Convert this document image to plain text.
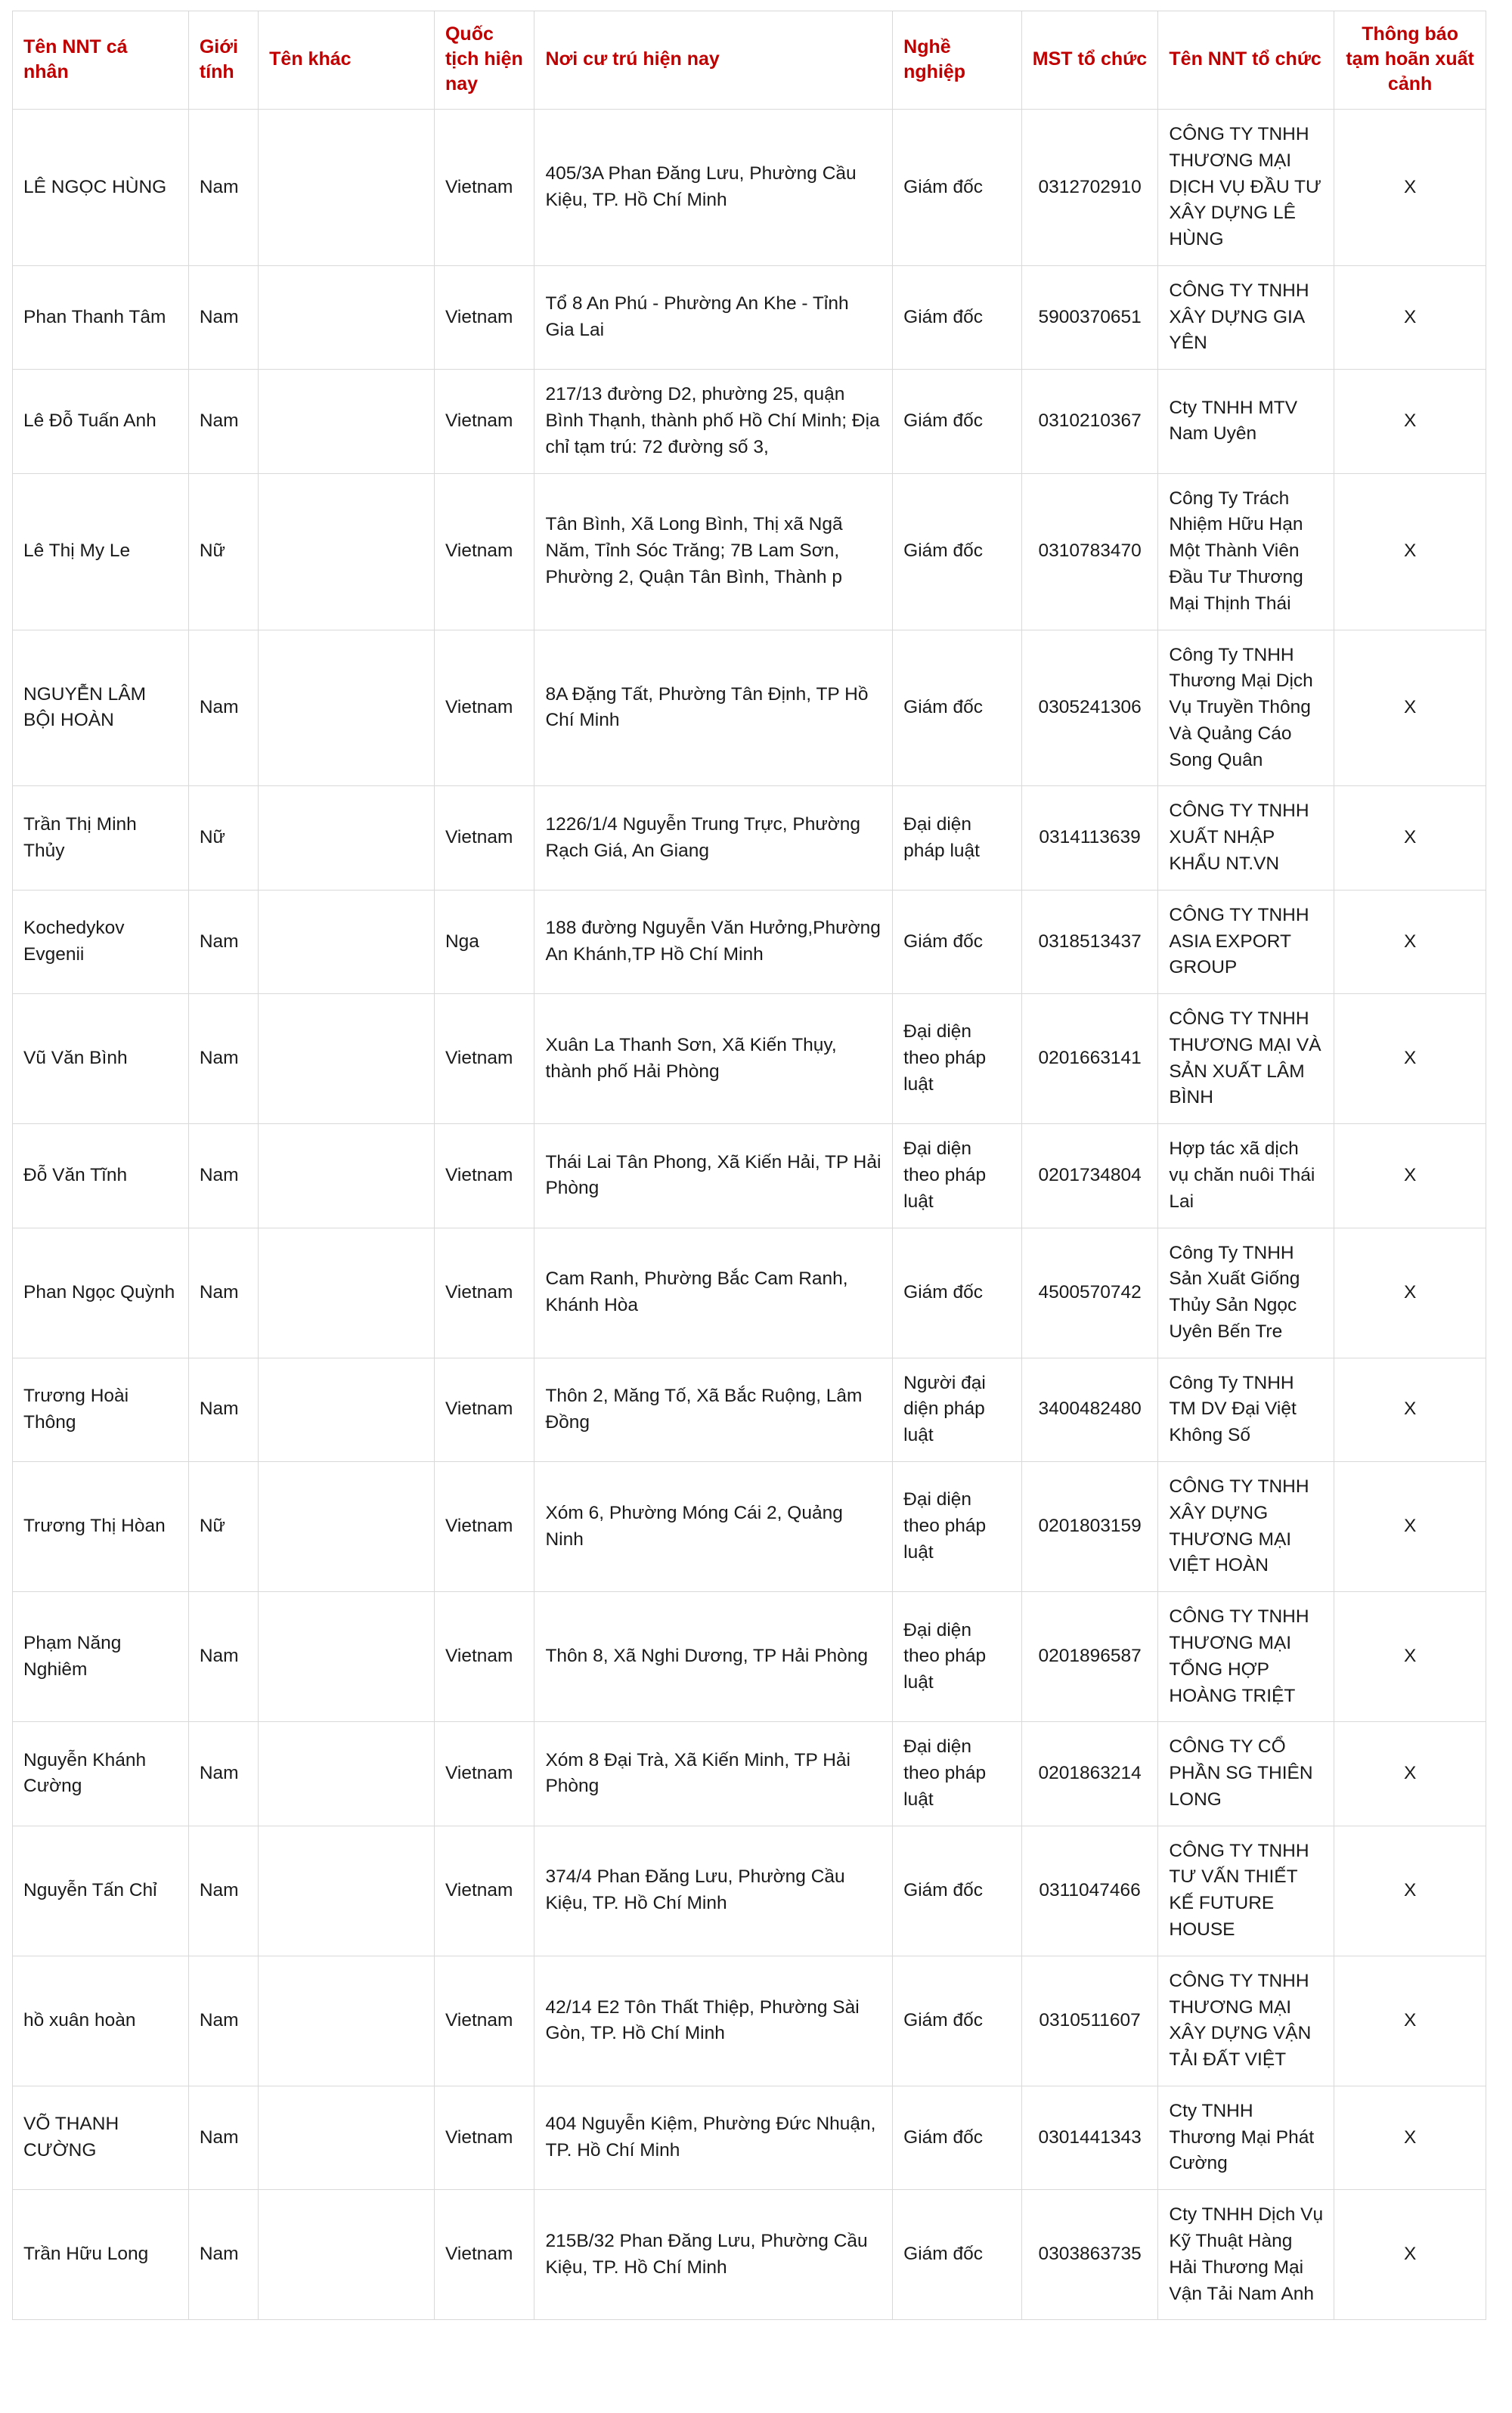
Tên NNT cá nhân	Giới tính	Tên khác	Quốc tịch hiện nay	Nơi cư trú hiện nay	Nghề nghiệp	MST tổ chức	Tên NNT tổ chức	Thông báo tạm hoãn xuất cảnh
LÊ NGỌC HÙNG	Nam		Vietnam	405/3A Phan Đăng Lưu, Phường Cầu Kiệu, TP. Hồ Chí Minh	Giám đốc	0312702910	CÔNG TY TNHH THƯƠNG MẠI DỊCH VỤ ĐẦU TƯ XÂY DỰNG LÊ HÙNG	X
Phan Thanh Tâm	Nam		Vietnam	Tổ 8 An Phú - Phường An Khe - Tỉnh Gia Lai	Giám đốc	5900370651	CÔNG TY TNHH XÂY DỰNG GIA YÊN	X
Lê Đỗ Tuấn Anh	Nam		Vietnam	217/13 đường D2, phường 25, quận Bình Thạnh, thành phố Hồ Chí Minh; Địa chỉ tạm trú: 72 đường số 3,	Giám đốc	0310210367	Cty TNHH MTV Nam Uyên	X
Lê Thị My Le	Nữ		Vietnam	Tân Bình, Xã Long Bình, Thị xã Ngã Năm, Tỉnh Sóc Trăng; 7B Lam Sơn, Phường 2, Quận Tân Bình, Thành p	Giám đốc	0310783470	Công Ty Trách Nhiệm Hữu Hạn Một Thành Viên Đầu Tư Thương Mại Thịnh Thái	X
NGUYỄN LÂM BỘI HOÀN	Nam		Vietnam	8A Đặng Tất, Phường Tân Định, TP Hồ Chí Minh	Giám đốc	0305241306	Công Ty TNHH Thương Mại Dịch Vụ Truyền Thông Và Quảng Cáo Song Quân	X
Trần Thị Minh Thủy	Nữ		Vietnam	1226/1/4 Nguyễn Trung Trực, Phường Rạch Giá, An Giang	Đại diện pháp luật	0314113639	CÔNG TY TNHH XUẤT NHẬP KHẨU NT.VN	X
Kochedykov Evgenii	Nam		Nga	188 đường Nguyễn Văn Hưởng,Phường An Khánh,TP Hồ Chí Minh	Giám đốc	0318513437	CÔNG TY TNHH ASIA EXPORT GROUP	X
Vũ Văn Bình	Nam		Vietnam	Xuân La Thanh Sơn, Xã Kiến Thụy, thành phố Hải Phòng	Đại diện theo pháp luật	0201663141	CÔNG TY TNHH THƯƠNG MẠI VÀ SẢN XUẤT LÂM BÌNH	X
Đỗ Văn Tĩnh	Nam		Vietnam	Thái Lai Tân Phong, Xã Kiến Hải, TP Hải Phòng	Đại diện theo pháp luật	0201734804	Hợp tác xã dịch vụ chăn nuôi Thái Lai	X
Phan Ngọc Quỳnh	Nam		Vietnam	Cam Ranh, Phường Bắc Cam Ranh, Khánh Hòa	Giám đốc	4500570742	Công Ty TNHH Sản Xuất Giống Thủy Sản Ngọc Uyên Bến Tre	X
Trương Hoài Thông	Nam		Vietnam	Thôn 2, Măng Tố, Xã Bắc Ruộng, Lâm Đồng	Người đại diện pháp luật	3400482480	Công Ty TNHH TM DV Đại Việt Không Số	X
Trương Thị Hòan	Nữ		Vietnam	Xóm 6, Phường Móng Cái 2, Quảng Ninh	Đại diện theo pháp luật	0201803159	CÔNG TY TNHH XÂY DỰNG THƯƠNG MẠI VIỆT HOÀN	X
Phạm Năng Nghiêm	Nam		Vietnam	Thôn 8, Xã Nghi Dương, TP Hải Phòng	Đại diện theo pháp luật	0201896587	CÔNG TY TNHH THƯƠNG MẠI TỔNG HỢP HOÀNG TRIỆT	X
Nguyễn Khánh Cường	Nam		Vietnam	Xóm 8 Đại Trà, Xã Kiến Minh, TP Hải Phòng	Đại diện theo pháp luật	0201863214	CÔNG TY CỔ PHẦN SG THIÊN LONG	X
Nguyễn Tấn Chỉ	Nam		Vietnam	374/4 Phan Đăng Lưu, Phường Cầu Kiệu, TP. Hồ Chí Minh	Giám đốc	0311047466	CÔNG TY TNHH TƯ VẤN THIẾT KẾ FUTURE HOUSE	X
hồ xuân hoàn	Nam		Vietnam	42/14 E2 Tôn Thất Thiệp, Phường Sài Gòn, TP. Hồ Chí Minh	Giám đốc	0310511607	CÔNG TY TNHH THƯƠNG MẠI XÂY DỰNG VẬN TẢI ĐẤT VIỆT	X
VÕ THANH CƯỜNG	Nam		Vietnam	404 Nguyễn Kiệm, Phường Đức Nhuận, TP. Hồ Chí Minh	Giám đốc	0301441343	Cty TNHH Thương Mại Phát Cường	X
Trần Hữu Long	Nam		Vietnam	215B/32 Phan Đăng Lưu, Phường Cầu Kiệu, TP. Hồ Chí Minh	Giám đốc	0303863735	Cty TNHH Dịch Vụ Kỹ Thuật Hàng Hải Thương Mại Vận Tải Nam Anh	X
